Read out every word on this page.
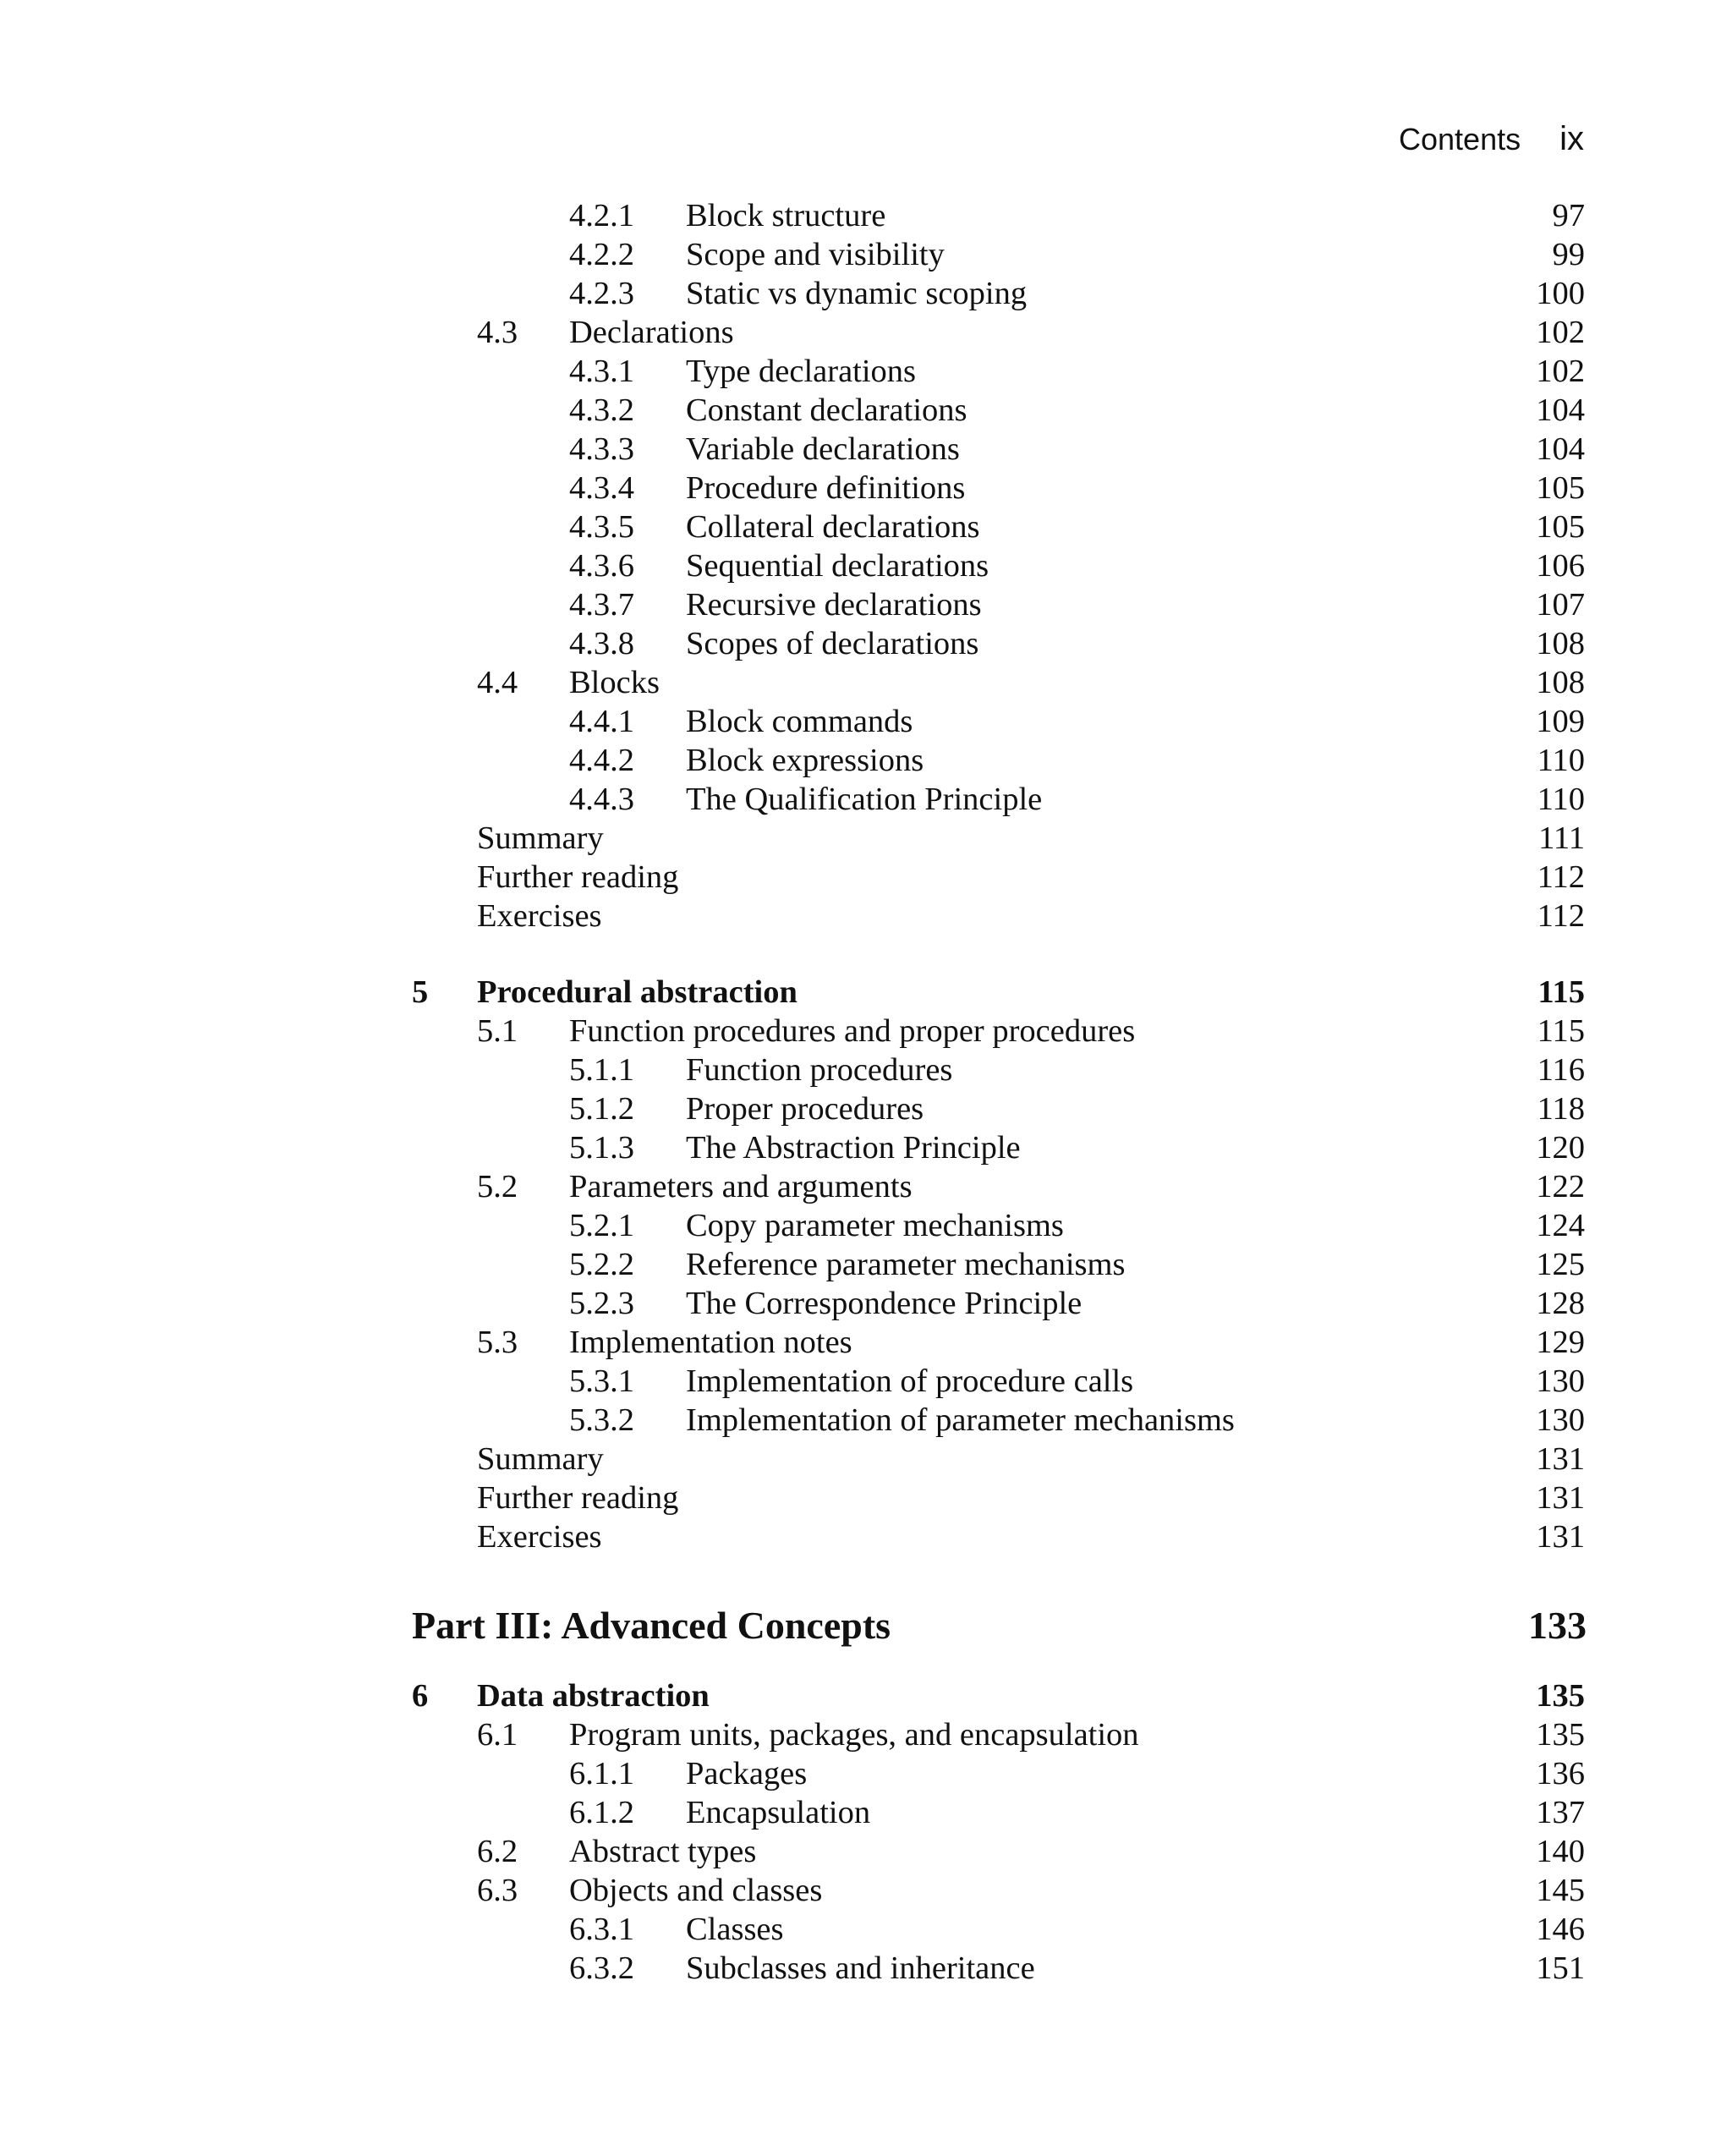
Contents ix
4.2.1 Block structure	97
4.2.2 Scope and visibility	99
4.2.3 Static vs dynamic scoping	100
4.3 Declarations	102
4.3.1 Type declarations	102
4.3.2 Constant declarations	104
4.3.3 Variable declarations	104
4.3.4 Procedure definitions	105
4.3.5 Collateral declarations	105
4.3.6 Sequential declarations	106
4.3.7 Recursive declarations	107
4.3.8 Scopes of declarations	108
4.4 Blocks	108
4.4.1 Block commands	109
4.4.2 Block expressions	110
4.4.3 The Qualification Principle	110
Summary	111
Further reading	112
Exercises	112
5 Procedural abstraction	115
5.1 Function procedures and proper procedures	115
5.1.1 Function procedures	116
5.1.2 Proper procedures	118
5.1.3 The Abstraction Principle	120
5.2 Parameters and arguments	122
5.2.1 Copy parameter mechanisms	124
5.2.2 Reference parameter mechanisms	125
5.2.3 The Correspondence Principle	128
5.3 Implementation notes	129
5.3.1 Implementation of procedure calls	130
5.3.2 Implementation of parameter mechanisms	130
Summary	131
Further reading	131
Exercises	131
Part III: Advanced Concepts	133
6 Data abstraction	135
6.1 Program units, packages, and encapsulation	135
6.1.1 Packages	136
6.1.2 Encapsulation	137
6.2 Abstract types	140
6.3 Objects and classes	145
6.3.1 Classes	146
6.3.2 Subclasses and inheritance	151
